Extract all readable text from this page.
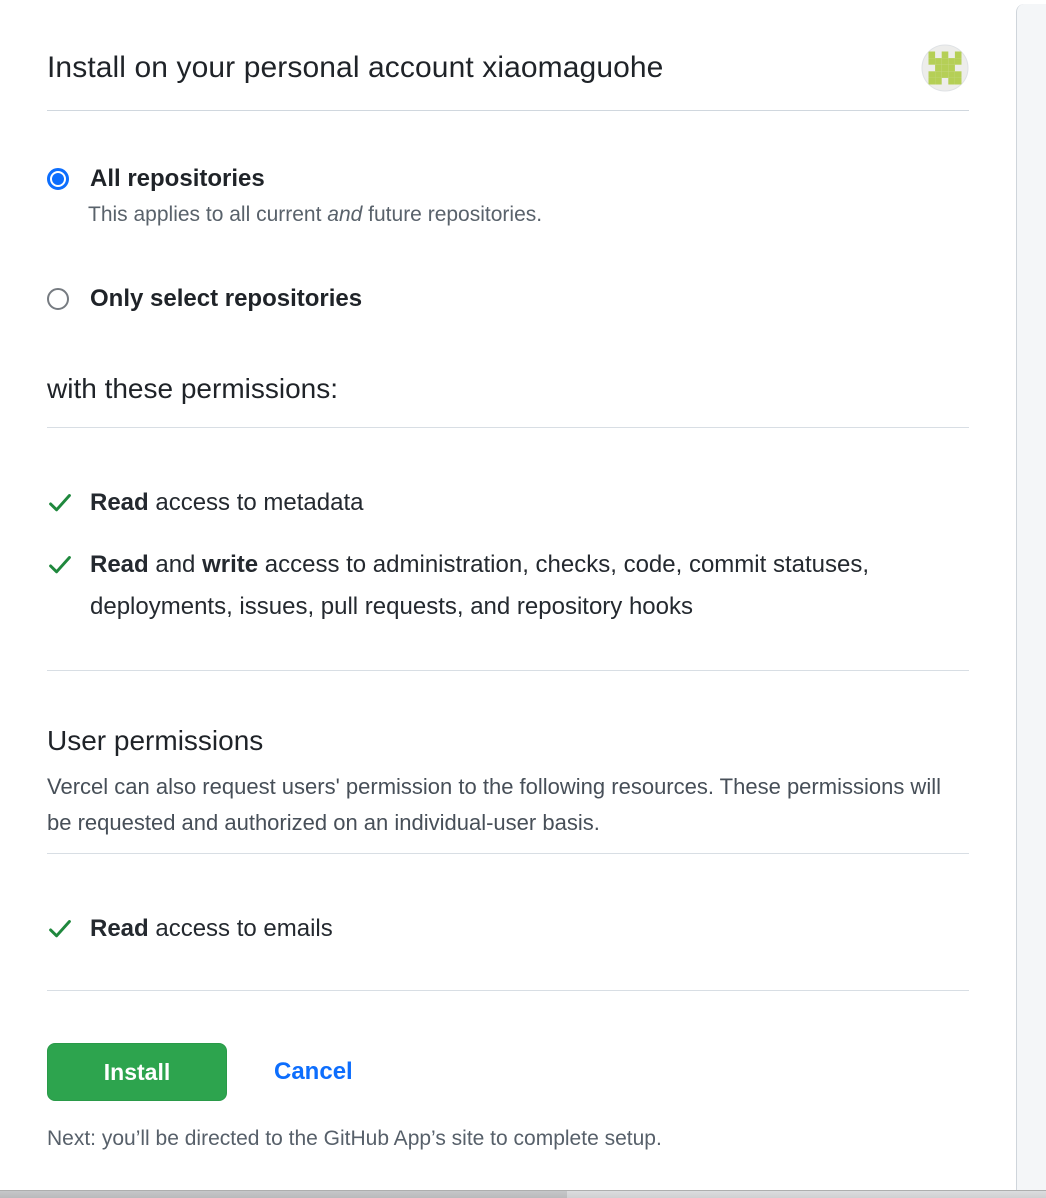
Install on your personal account xiaomaguohe
All repositories

This applies to all current and future repositories.

Only select repositories
with these permissions:

Read access to metadata

Read and write access to administration, checks, code, commit statuses, deployments, issues, pull requests, and repository hooks

User permissions

Vercel can also request users' permission to the following resources. These permissions will be requested and authorized on an individual-user basis.

Read access to emails

Install	Cancel

Next: you’ll be directed to the GitHub App’s site to complete setup.
